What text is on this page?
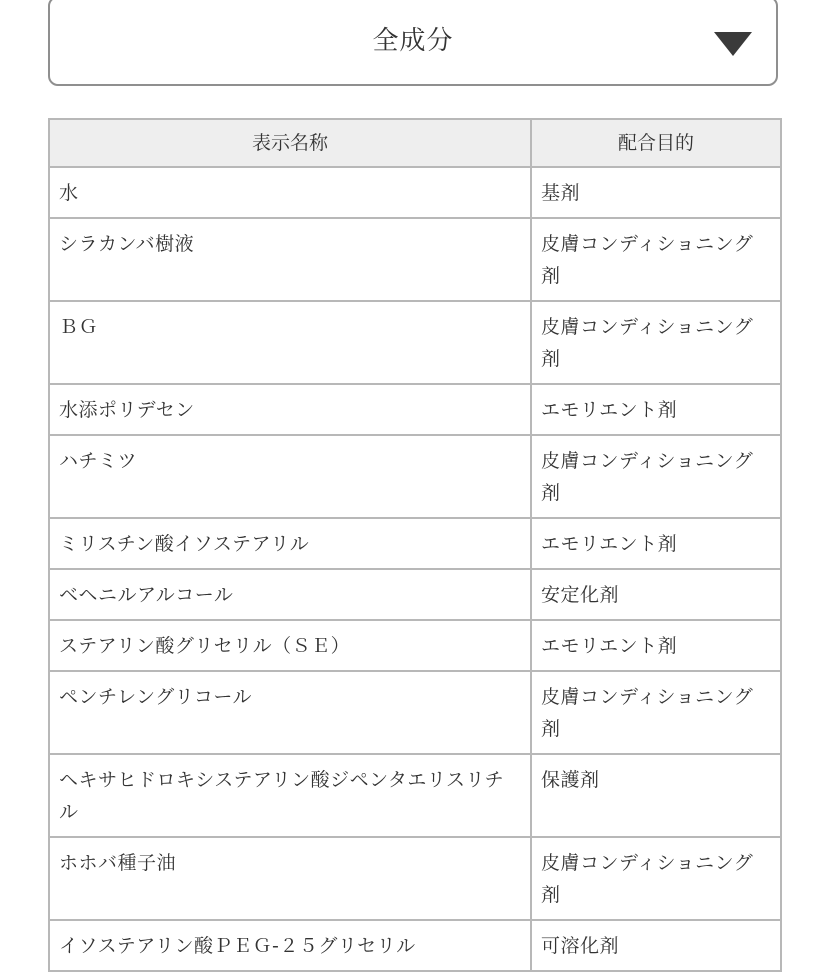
全成分
表示名称	配合目的
水	基剤
シラカンバ樹液	皮膚コンディショニング剤
ＢＧ	皮膚コンディショニング剤
水添ポリデセン	エモリエント剤
ハチミツ	皮膚コンディショニング剤
ミリスチン酸イソステアリル	エモリエント剤
ベヘニルアルコール	安定化剤
ステアリン酸グリセリル（ＳＥ）	エモリエント剤
ペンチレングリコール	皮膚コンディショニング剤
ヘキサヒドロキシステアリン酸ジペンタエリスリチル	保護剤
ホホバ種子油	皮膚コンディショニング剤
イソステアリン酸ＰＥＧ-２５グリセリル	可溶化剤
